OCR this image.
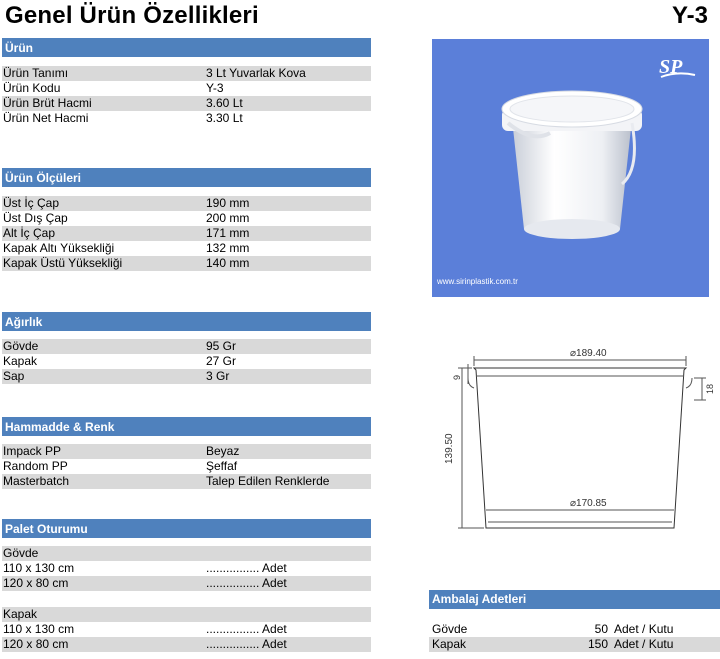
Genel Ürün Özellikleri	Y-3
Ürün
Ürün Tanımı	3 Lt Yuvarlak Kova
Ürün Kodu	Y-3
Ürün Brüt Hacmi	3.60 Lt
Ürün Net Hacmi	3.30 Lt
Ürün Ölçüleri
Üst İç Çap	190 mm
Üst Dış Çap	200 mm
Alt İç Çap	171 mm
Kapak Altı Yüksekliği	132 mm
Kapak Üstü Yüksekliği	140 mm
Ağırlık
Gövde	95 Gr
Kapak	27 Gr
Sap	3 Gr
Hammadde & Renk
Impack PP	Beyaz
Random PP	Şeffaf
Masterbatch	Talep Edilen Renklerde
Palet Oturumu
Gövde
110 x 130 cm	................ Adet
120 x 80 cm	................ Adet
Kapak
110 x 130 cm	................ Adet
120 x 80 cm	................ Adet
SP
www.sirinplastik.com.tr
⌀189.40
⌀170.85
139.50
9
18
Ambalaj Adetleri
Gövde	50 Adet / Kutu
Kapak	150 Adet / Kutu
